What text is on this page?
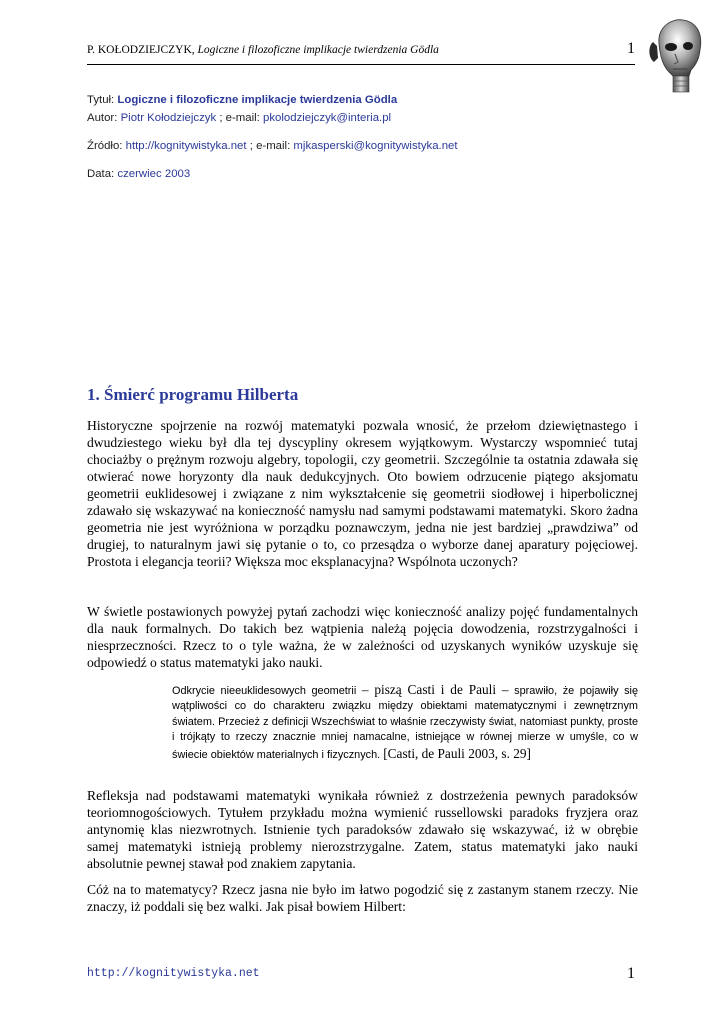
P. KOŁODZIEJCZYK, Logiczne i filozoficzne implikacje twierdzenia Gödla	1
Tytuł: Logiczne i filozoficzne implikacje twierdzenia Gödla
Autor: Piotr Kołodziejczyk ; e-mail: pkolodziejczyk@interia.pl
Źródło: http://kognitywistyka.net ; e-mail: mjkasperski@kognitywistyka.net
Data: czerwiec 2003
1. Śmierć programu Hilberta

Historyczne spojrzenie na rozwój matematyki pozwala wnosić, że przełom dziewiętnastego i dwudziestego wieku był dla tej dyscypliny okresem wyjątkowym. Wystarczy wspomnieć tutaj chociażby o prężnym rozwoju algebry, topologii, czy geometrii. Szczególnie ta ostatnia zdawała się otwierać nowe horyzonty dla nauk dedukcyjnych. Oto bowiem odrzucenie piątego aksjomatu geometrii euklidesowej i związane z nim wykształcenie się geometrii siodłowej i hiperbolicznej zdawało się wskazywać na konieczność namysłu nad samymi podstawami matematyki. Skoro żadna geometria nie jest wyróżniona w porządku poznawczym, jedna nie jest bardziej „prawdziwa” od drugiej, to naturalnym jawi się pytanie o to, co przesądza o wyborze danej aparatury pojęciowej. Prostota i elegancja teorii? Większa moc eksplanacyjna? Wspólnota uczonych?

W świetle postawionych powyżej pytań zachodzi więc konieczność analizy pojęć fundamentalnych dla nauk formalnych. Do takich bez wątpienia należą pojęcia dowodzenia, rozstrzygalności i niesprzeczności. Rzecz to o tyle ważna, że w zależności od uzyskanych wyników uzyskuje się odpowiedź o status matematyki jako nauki.

Odkrycie nieeuklidesowych geometrii – piszą Casti i de Pauli – sprawiło, że pojawiły się wątpliwości co do charakteru związku między obiektami matematycznymi i zewnętrznym światem. Przecież z definicji Wszechświat to właśnie rzeczywisty świat, natomiast punkty, proste i trójkąty to rzeczy znacznie mniej namacalne, istniejące w równej mierze w umyśle, co w świecie obiektów materialnych i fizycznych. [Casti, de Pauli 2003, s. 29]

Refleksja nad podstawami matematyki wynikała również z dostrzeżenia pewnych paradoksów teoriomnogościowych. Tytułem przykładu można wymienić russellowski paradoks fryzjera oraz antynomię klas niezwrotnych. Istnienie tych paradoksów zdawało się wskazywać, iż w obrębie samej matematyki istnieją problemy nierozstrzygalne. Zatem, status matematyki jako nauki absolutnie pewnej stawał pod znakiem zapytania.

Cóż na to matematycy? Rzecz jasna nie było im łatwo pogodzić się z zastanym stanem rzeczy. Nie znaczy, iż poddali się bez walki. Jak pisał bowiem Hilbert:

http://kognitywistyka.net	1
